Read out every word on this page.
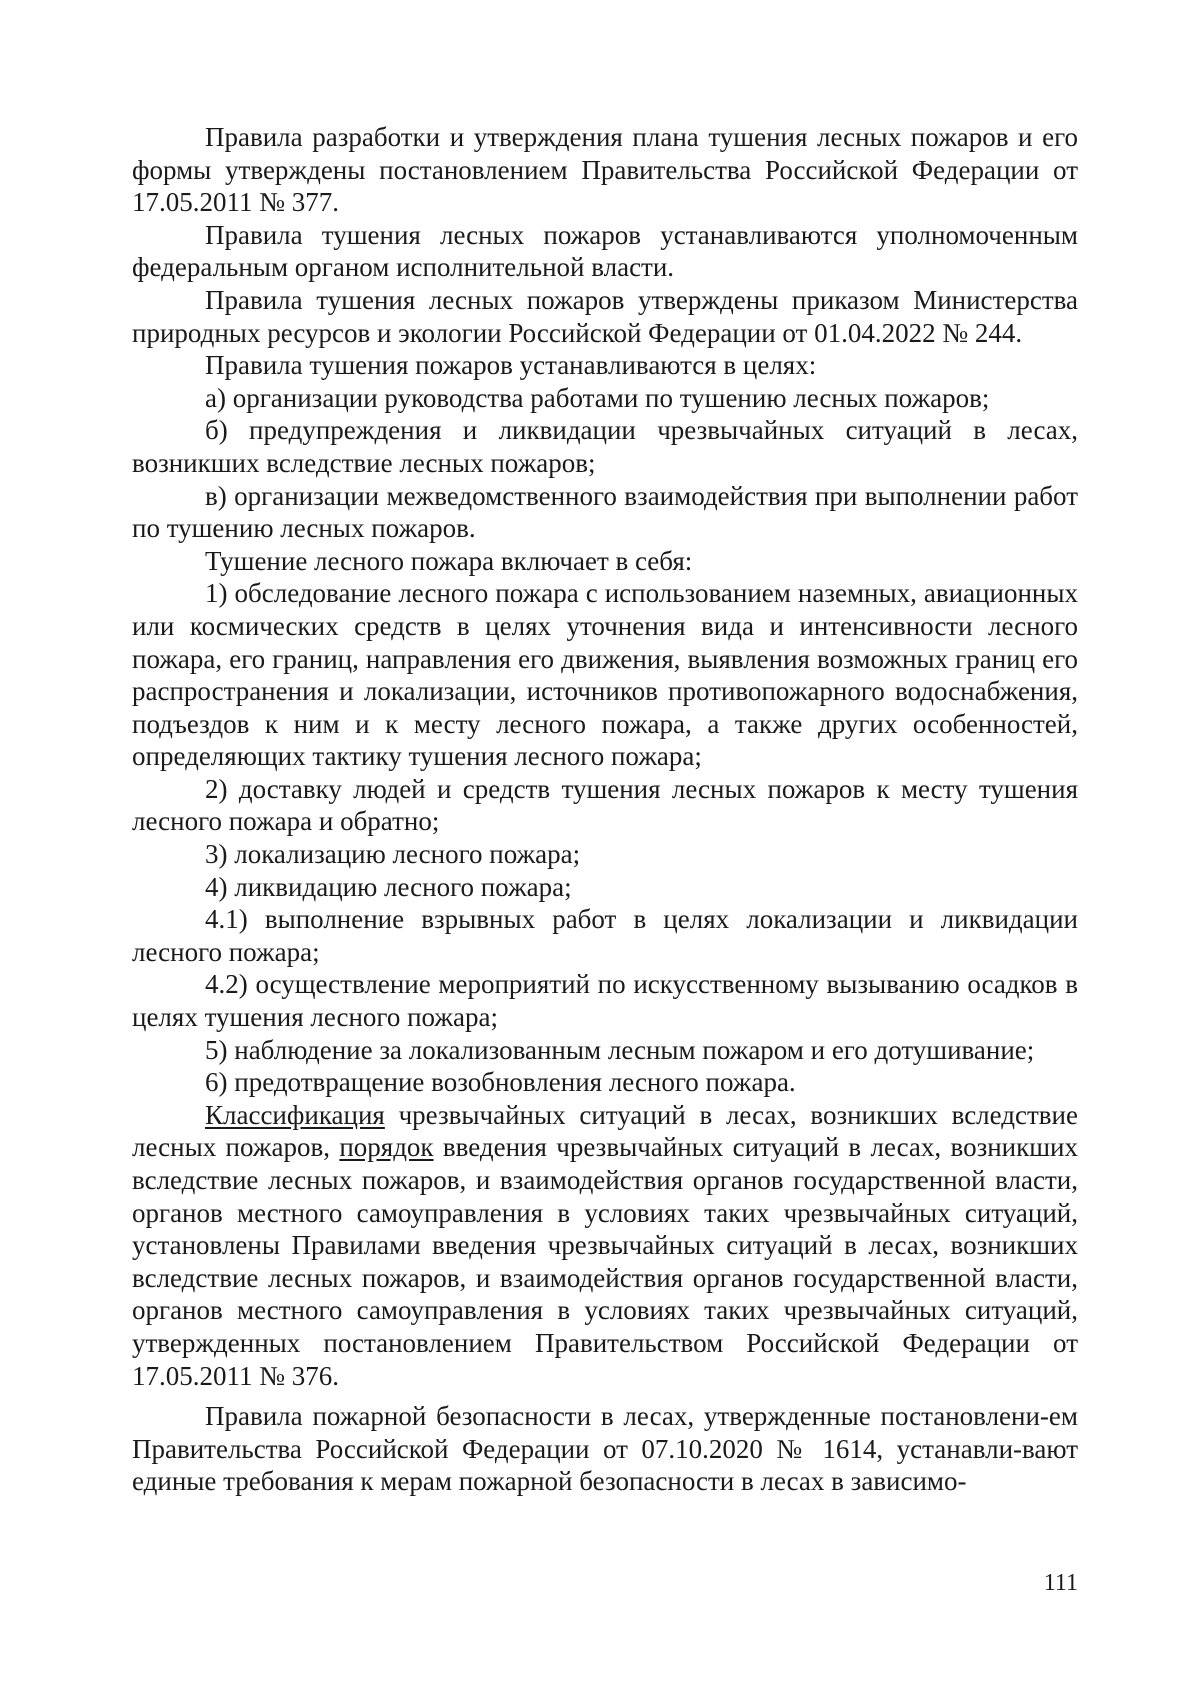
Правила разработки и утверждения плана тушения лесных пожаров и его формы утверждены постановлением Правительства Российской Федерации от 17.05.2011 № 377.

Правила тушения лесных пожаров устанавливаются уполномоченным федеральным органом исполнительной власти.

Правила тушения лесных пожаров утверждены приказом Министерства природных ресурсов и экологии Российской Федерации от 01.04.2022 № 244.

Правила тушения пожаров устанавливаются в целях:

а) организации руководства работами по тушению лесных пожаров;

б) предупреждения и ликвидации чрезвычайных ситуаций в лесах, возникших вследствие лесных пожаров;

в) организации межведомственного взаимодействия при выполнении работ по тушению лесных пожаров.

Тушение лесного пожара включает в себя:

1) обследование лесного пожара с использованием наземных, авиационных или космических средств в целях уточнения вида и интенсивности лесного пожара, его границ, направления его движения, выявления возможных границ его распространения и локализации, источников противопожарного водоснабжения, подъездов к ним и к месту лесного пожара, а также других особенностей, определяющих тактику тушения лесного пожара;

2) доставку людей и средств тушения лесных пожаров к месту тушения лесного пожара и обратно;

3) локализацию лесного пожара;

4) ликвидацию лесного пожара;

4.1) выполнение взрывных работ в целях локализации и ликвидации лесного пожара;

4.2) осуществление мероприятий по искусственному вызыванию осадков в целях тушения лесного пожара;

5) наблюдение за локализованным лесным пожаром и его дотушивание;

6) предотвращение возобновления лесного пожара.

Классификация чрезвычайных ситуаций в лесах, возникших вследствие лесных пожаров, порядок введения чрезвычайных ситуаций в лесах, возникших вследствие лесных пожаров, и взаимодействия органов государственной власти, органов местного самоуправления в условиях таких чрезвычайных ситуаций, установлены Правилами введения чрезвычайных ситуаций в лесах, возникших вследствие лесных пожаров, и взаимодействия органов государственной власти, органов местного самоуправления в условиях таких чрезвычайных ситуаций, утвержденных постановлением Правительством Российской Федерации от 17.05.2011 № 376.

Правила пожарной безопасности в лесах, утвержденные постановлени-ем Правительства Российской Федерации от 07.10.2020 № 1614, устанавли-вают единые требования к мерам пожарной безопасности в лесах в зависимо-

111
